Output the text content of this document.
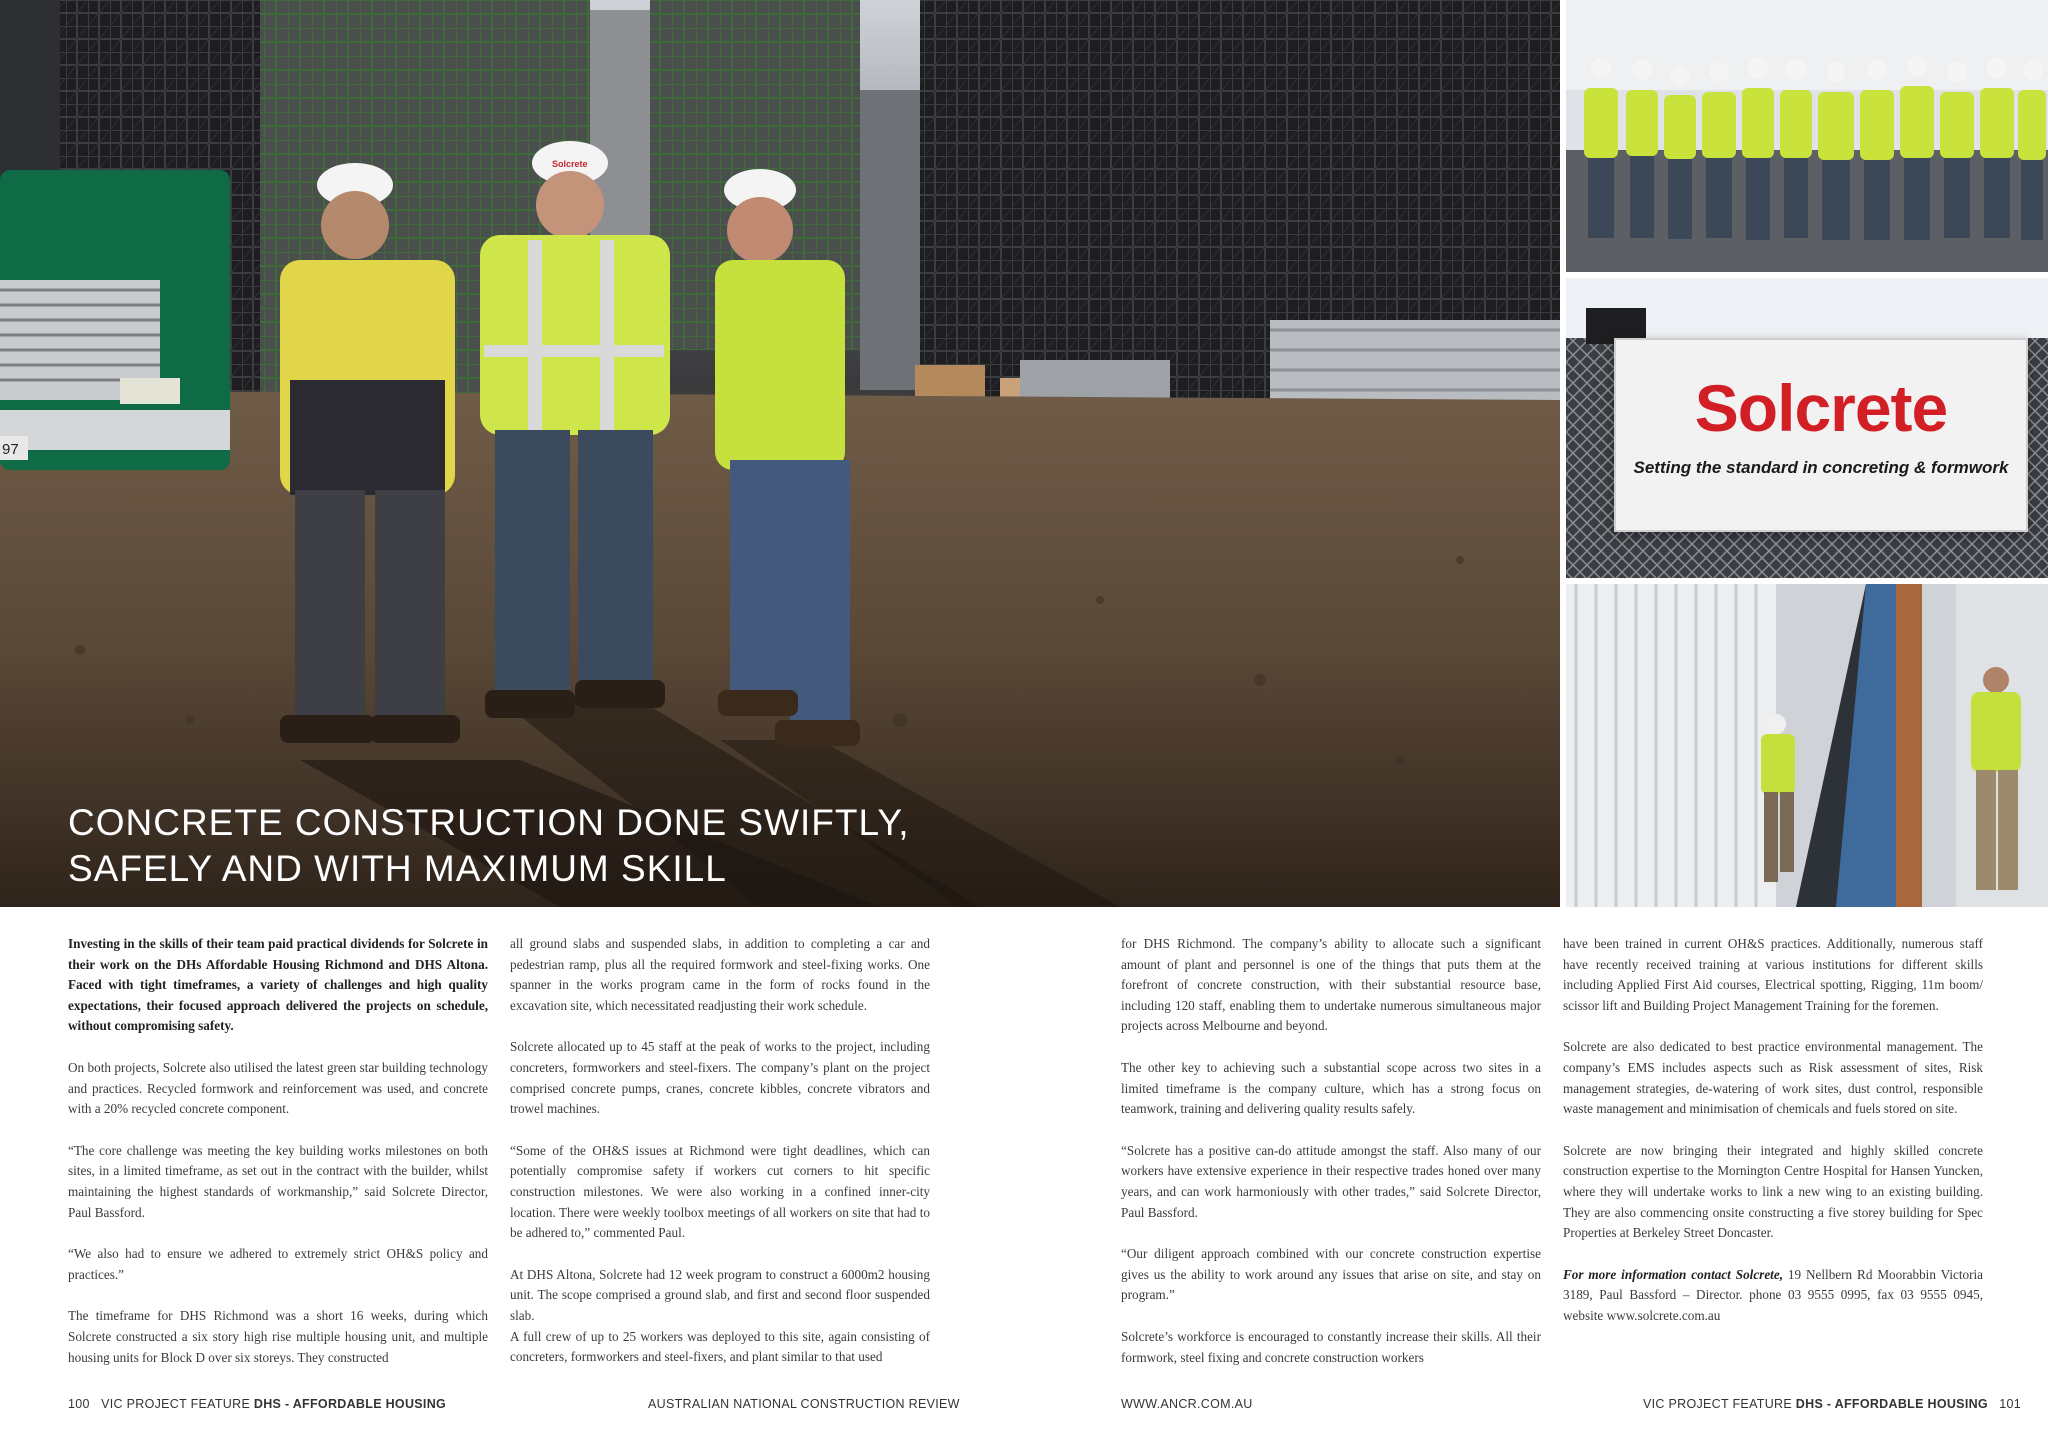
97
Solcrete
CONCRETE CONSTRUCTION DONE SWIFTLY,
SAFELY AND WITH MAXIMUM SKILL
Solcrete
Setting the standard in concreting & formwork

Investing in the skills of their team paid practical dividends for Solcrete in their work on the DHs Affordable Housing Richmond and DHS Altona. Faced with tight timeframes, a variety of challenges and high quality expectations, their focused approach delivered the projects on schedule, without compromising safety.

On both projects, Solcrete also utilised the latest green star building technology and practices. Recycled formwork and reinforcement was used, and concrete with a 20% recycled concrete component.

“The core challenge was meeting the key building works milestones on both sites, in a limited timeframe, as set out in the contract with the builder, whilst maintaining the highest standards of workmanship,” said Solcrete Director, Paul Bassford.

“We also had to ensure we adhered to extremely strict OH&S policy and practices.”

The timeframe for DHS Richmond was a short 16 weeks, during which Solcrete constructed a six story high rise multiple housing unit, and multiple housing units for Block D over six storeys. They constructed

all ground slabs and suspended slabs, in addition to completing a car and pedestrian ramp, plus all the required formwork and steel-fixing works. One spanner in the works program came in the form of rocks found in the excavation site, which necessitated readjusting their work schedule.

Solcrete allocated up to 45 staff at the peak of works to the project, including concreters, formworkers and steel-fixers. The company’s plant on the project comprised concrete pumps, cranes, concrete kibbles, concrete vibrators and trowel machines.

“Some of the OH&S issues at Richmond were tight deadlines, which can potentially compromise safety if workers cut corners to hit specific construction milestones. We were also working in a confined inner-city location. There were weekly toolbox meetings of all workers on site that had to be adhered to,” commented Paul.

At DHS Altona, Solcrete had 12 week program to construct a 6000m2 housing unit. The scope comprised a ground slab, and first and second floor suspended slab.

A full crew of up to 25 workers was deployed to this site, again consisting of concreters, formworkers and steel-fixers, and plant similar to that used

for DHS Richmond. The company’s ability to allocate such a significant amount of plant and personnel is one of the things that puts them at the forefront of concrete construction, with their substantial resource base, including 120 staff, enabling them to undertake numerous simultaneous major projects across Melbourne and beyond.

The other key to achieving such a substantial scope across two sites in a limited timeframe is the company culture, which has a strong focus on teamwork, training and delivering quality results safely.

“Solcrete has a positive can-do attitude amongst the staff. Also many of our workers have extensive experience in their respective trades honed over many years, and can work harmoniously with other trades,” said Solcrete Director, Paul Bassford.

“Our diligent approach combined with our concrete construction expertise gives us the ability to work around any issues that arise on site, and stay on program.”

Solcrete’s workforce is encouraged to constantly increase their skills. All their formwork, steel fixing and concrete construction workers

have been trained in current OH&S practices. Additionally, numerous staff have recently received training at various institutions for different skills including Applied First Aid courses, Electrical spotting, Rigging, 11m boom/ scissor lift and Building Project Management Training for the foremen.

Solcrete are also dedicated to best practice environmental management. The company’s EMS includes aspects such as Risk assessment of sites, Risk management strategies, de-watering of work sites, dust control, responsible waste management and minimisation of chemicals and fuels stored on site.

Solcrete are now bringing their integrated and highly skilled concrete construction expertise to the Mornington Centre Hospital for Hansen Yuncken, where they will undertake works to link a new wing to an existing building. They are also commencing onsite constructing a five storey building for Spec Properties at Berkeley Street Doncaster.

For more information contact Solcrete, 19 Nellbern Rd Moorabbin Victoria 3189, Paul Bassford – Director. phone 03 9555 0995, fax 03 9555 0945, website www.solcrete.com.au

100 VIC PROJECT FEATURE DHS - AFFORDABLE HOUSING	AUSTRALIAN NATIONAL CONSTRUCTION REVIEW	WWW.ANCR.COM.AU	VIC PROJECT FEATURE DHS - AFFORDABLE HOUSING 101
